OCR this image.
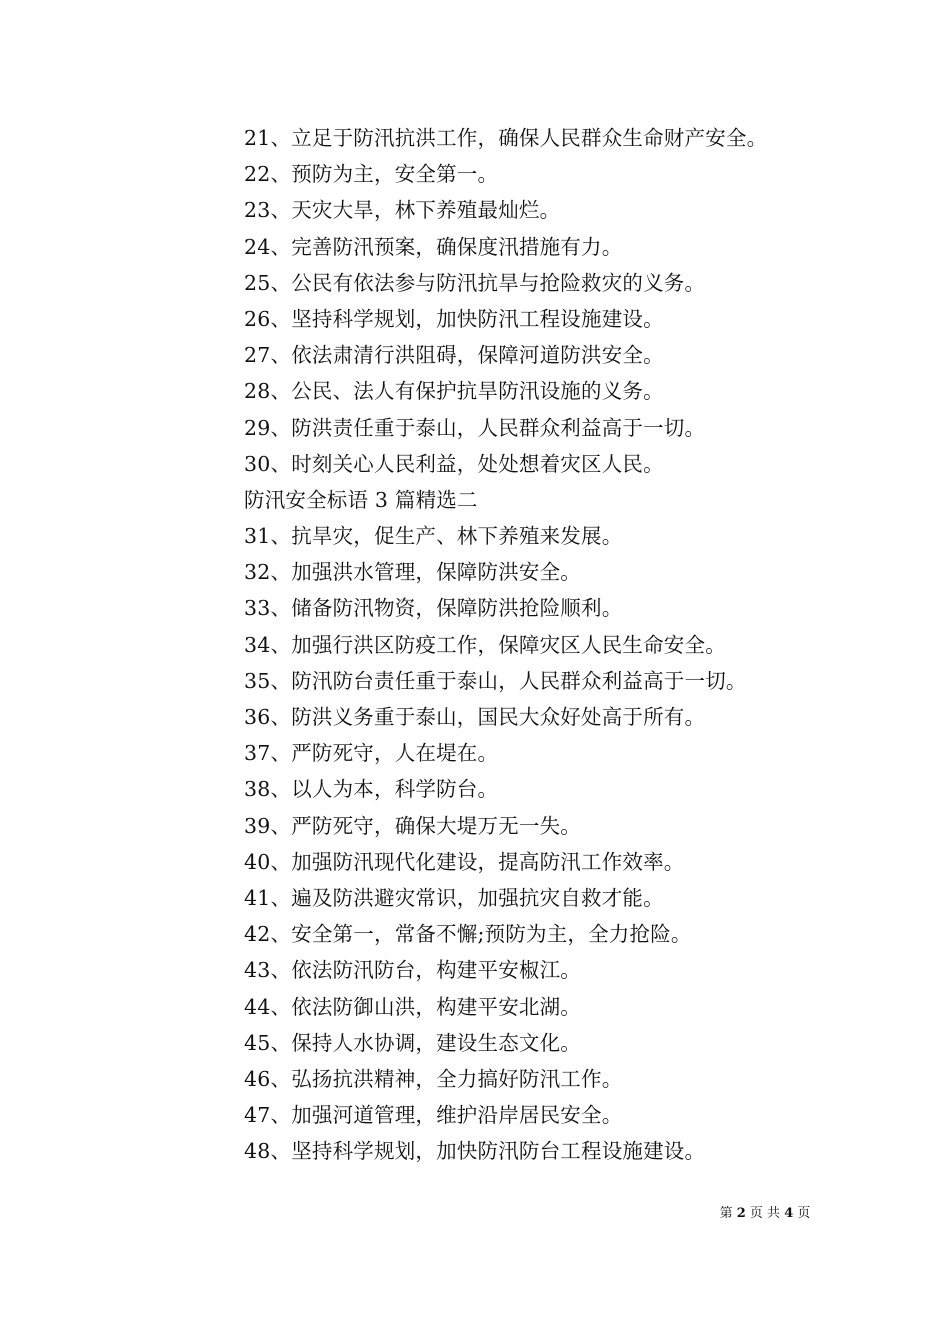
21、立足于防汛抗洪工作，确保人民群众生命财产安全。
22、预防为主，安全第一。
23、天灾大旱，林下养殖最灿烂。
24、完善防汛预案，确保度汛措施有力。
25、公民有依法参与防汛抗旱与抢险救灾的义务。
26、坚持科学规划，加快防汛工程设施建设。
27、依法肃清行洪阻碍，保障河道防洪安全。
28、公民、法人有保护抗旱防汛设施的义务。
29、防洪责任重于泰山，人民群众利益高于一切。
30、时刻关心人民利益，处处想着灾区人民。
防汛安全标语 3 篇精选二
31、抗旱灾，促生产、林下养殖来发展。
32、加强洪水管理，保障防洪安全。
33、储备防汛物资，保障防洪抢险顺利。
34、加强行洪区防疫工作，保障灾区人民生命安全。
35、防汛防台责任重于泰山，人民群众利益高于一切。
36、防洪义务重于泰山，国民大众好处高于所有。
37、严防死守，人在堤在。
38、以人为本，科学防台。
39、严防死守，确保大堤万无一失。
40、加强防汛现代化建设，提高防汛工作效率。
41、遍及防洪避灾常识，加强抗灾自救才能。
42、安全第一，常备不懈;预防为主，全力抢险。
43、依法防汛防台，构建平安椒江。
44、依法防御山洪，构建平安北湖。
45、保持人水协调，建设生态文化。
46、弘扬抗洪精神，全力搞好防汛工作。
47、加强河道管理，维护沿岸居民安全。
48、坚持科学规划，加快防汛防台工程设施建设。
第 2 页 共 4 页
